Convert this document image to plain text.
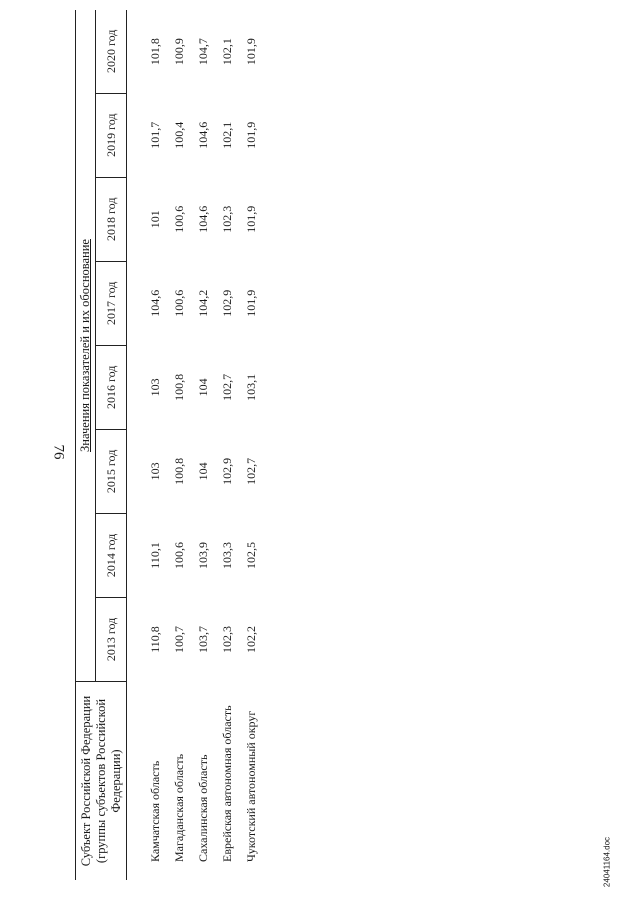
76
Субъект Российской Федерации (группы субъектов Российской Федерации)	Значения показателей и их обоснование							
	2013 год	2014 год	2015 год	2016 год	2017 год	2018 год	2019 год	2020 год
Камчатская область	110,8	110,1	103	103	104,6	101	101,7	101,8
Магаданская область	100,7	100,6	100,8	100,8	100,6	100,6	100,4	100,9
Сахалинская область	103,7	103,9	104	104	104,2	104,6	104,6	104,7
Еврейская автономная область	102,3	103,3	102,9	102,7	102,9	102,3	102,1	102,1
Чукотский автономный округ	102,2	102,5	102,7	103,1	101,9	101,9	101,9	101,9
24041164.doc
